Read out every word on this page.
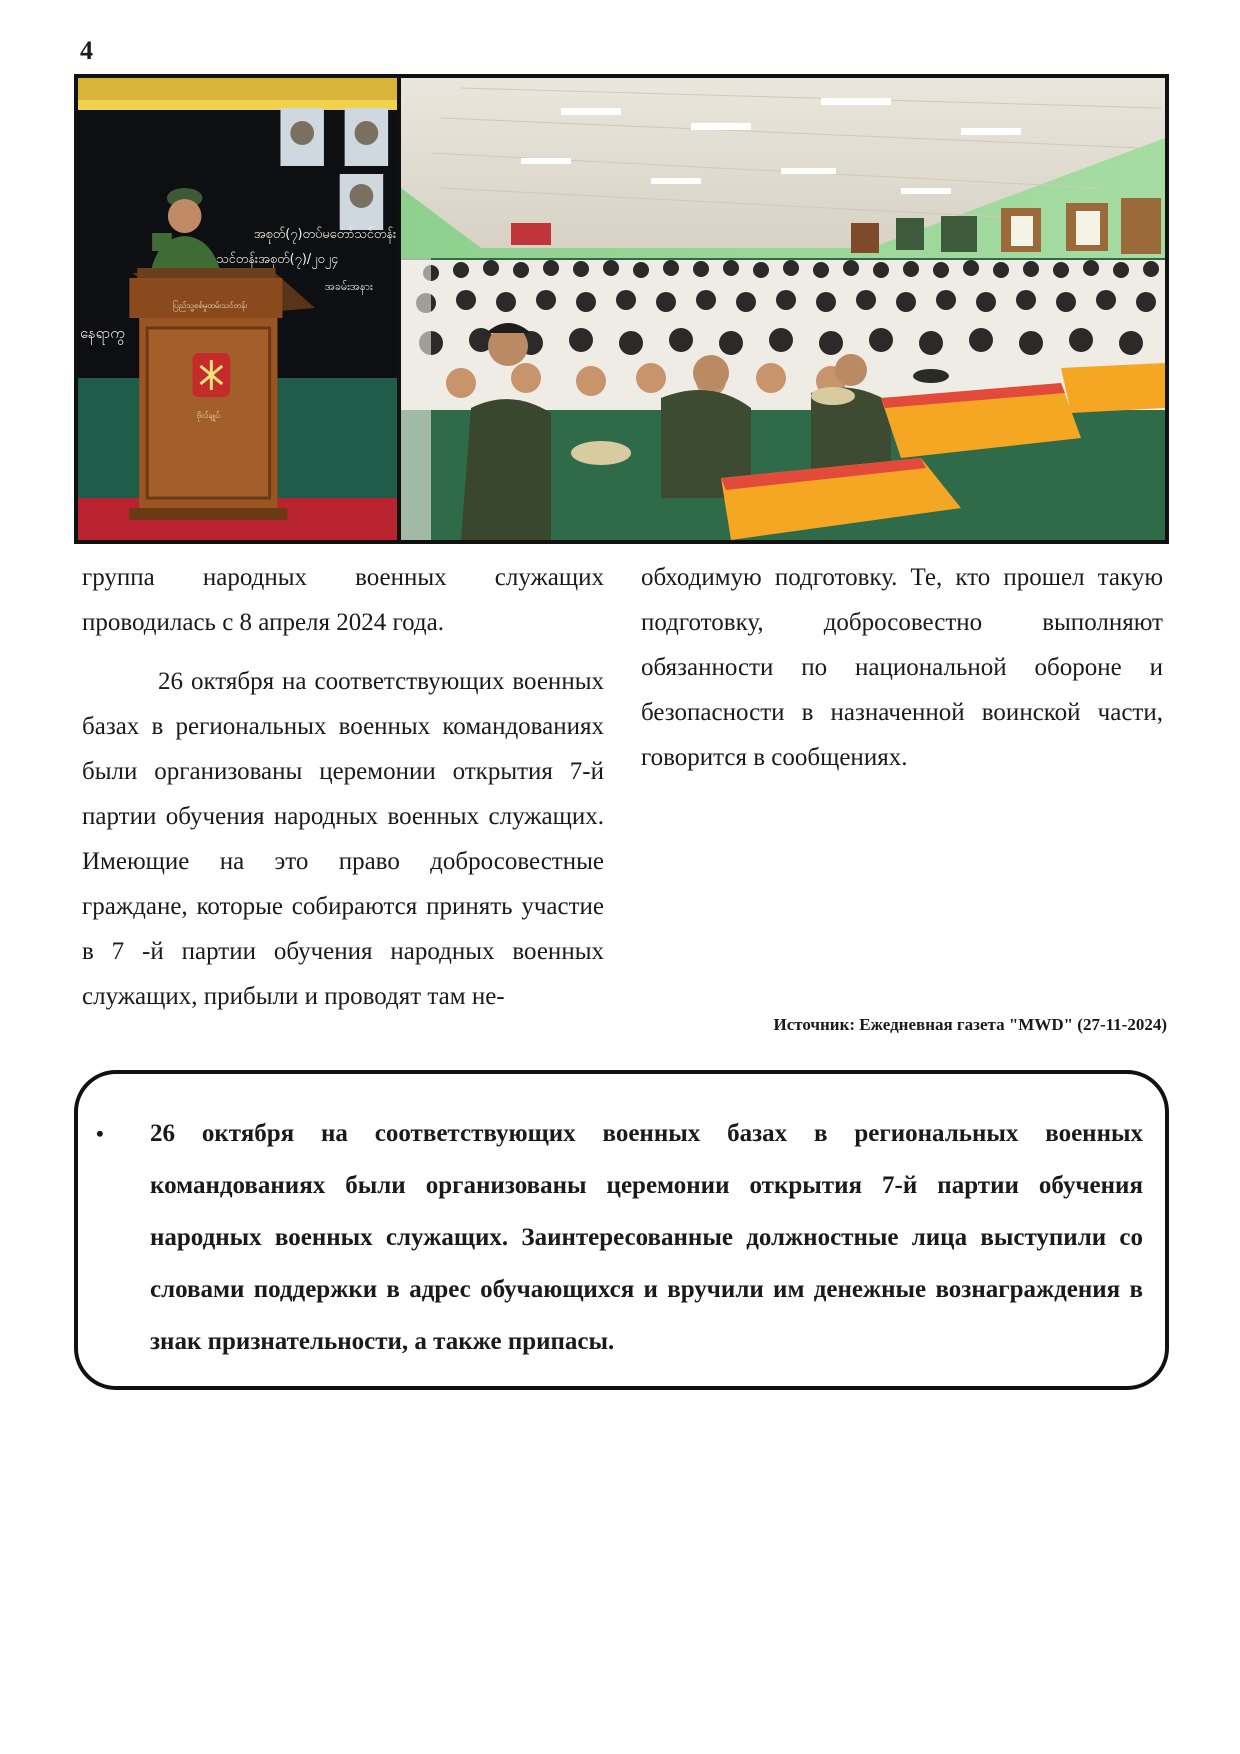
4
အစုတ်(၇)တပ်မတော်သင်တန်း
သင်တန်းအစုတ်(၇)/၂၀၂၄
အခမ်းအနား
နေရာကွ
ပြည်သူ့စစ်မှုထမ်းသင်တန်း
ဗိုလ်ချုပ်

группа народных военных служащих проводилась с 8 апреля 2024 года.

26 октября на соответствующих военных базах в региональных военных командованиях были организованы церемонии открытия 7-й партии обучения народных военных служащих. Имеющие на это право добросовестные граждане, которые собираются принять участие в 7 -й партии обучения народных военных служащих, прибыли и проводят там не-

обходимую подготовку. Те, кто прошел такую подготовку, добросовестно выполняют обязанности по национальной обороне и безопасности в назначенной воинской части, говорится в сообщениях.

Источник: Ежедневная газета "MWD" (27-11-2024)
• 26 октября на соответствующих военных базах в региональных военных командованиях были организованы церемонии открытия 7-й партии обучения народных военных служащих. Заинтересованные должностные лица выступили со словами поддержки в адрес обучающихся и вручили им денежные вознаграждения в знак признательности, а также припасы.
